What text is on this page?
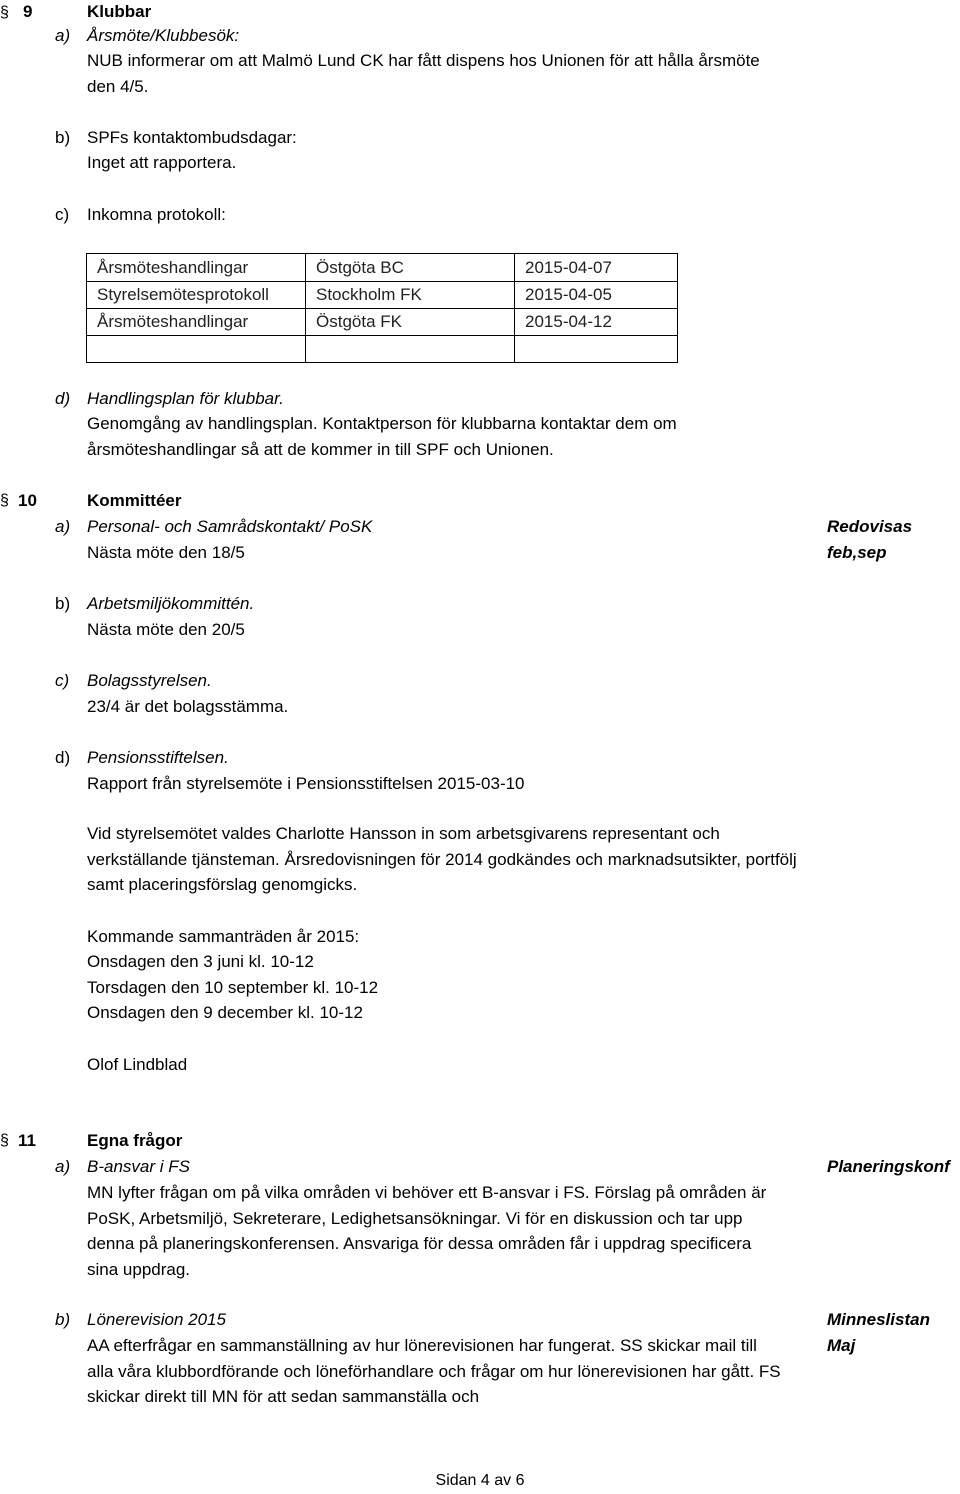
§ 9	Klubbar
a) Årsmöte/Klubbesök:
NUB informerar om att Malmö Lund CK har fått dispens hos Unionen för att hålla årsmöte den 4/5.
b) SPFs kontaktombudsdagar:
Inget att rapportera.
c) Inkomna protokoll:
Årsmöteshandlingar	Östgöta BC	2015-04-07
Styrelsemötesprotokoll	Stockholm FK	2015-04-05
Årsmöteshandlingar	Östgöta FK	2015-04-12

d) Handlingsplan för klubbar.
Genomgång av handlingsplan. Kontaktperson för klubbarna kontaktar dem om årsmöteshandlingar så att de kommer in till SPF och Unionen.
§ 10	Kommittéer
a) Personal- och Samrådskontakt/ PoSK
Nästa möte den 18/5
Redovisas
feb,sep
b) Arbetsmiljökommittén.
Nästa möte den 20/5
c) Bolagsstyrelsen.
23/4 är det bolagsstämma.
d) Pensionsstiftelsen.
Rapport från styrelsemöte i Pensionsstiftelsen 2015-03-10
Vid styrelsemötet valdes Charlotte Hansson in som arbetsgivarens representant och verkställande tjänsteman. Årsredovisningen för 2014 godkändes och marknadsutsikter, portfölj samt placeringsförslag genomgicks.
Kommande sammanträden år 2015:
Onsdagen den 3 juni kl. 10-12
Torsdagen den 10 september kl. 10-12
Onsdagen den 9 december kl. 10-12
Olof Lindblad
§ 11	Egna frågor
a) B-ansvar i FS	Planeringskonf
MN lyfter frågan om på vilka områden vi behöver ett B-ansvar i FS. Förslag på områden är PoSK, Arbetsmiljö, Sekreterare, Ledighetsansökningar. Vi för en diskussion och tar upp denna på planeringskonferensen. Ansvariga för dessa områden får i uppdrag specificera sina uppdrag.
b) Lönerevision 2015	Minneslistan
Maj
AA efterfrågar en sammanställning av hur lönerevisionen har fungerat. SS skickar mail till alla våra klubbordförande och löneförhandlare och frågar om hur lönerevisionen har gått. FS skickar direkt till MN för att sedan sammanställa och
Sidan 4 av 6
